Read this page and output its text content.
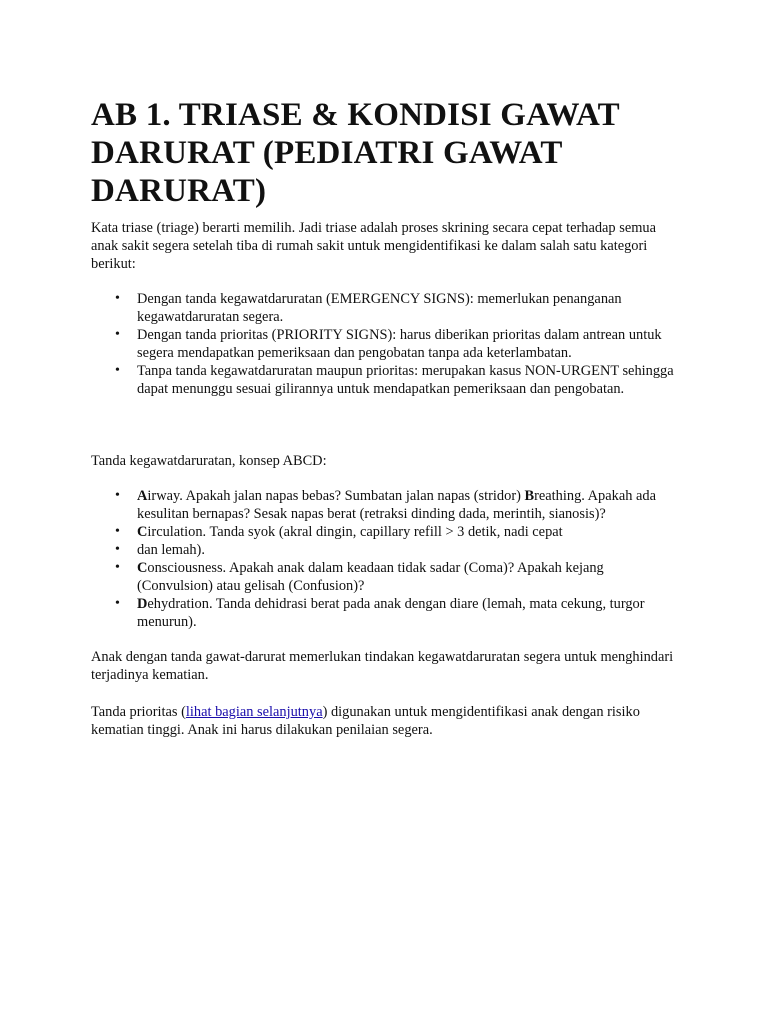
AB 1. TRIASE & KONDISI GAWAT DARURAT (PEDIATRI GAWAT DARURAT)

Kata triase (triage) berarti memilih. Jadi triase adalah proses skrining secara cepat terhadap semua anak sakit segera setelah tiba di rumah sakit untuk mengidentifikasi ke dalam salah satu kategori berikut:

• Dengan tanda kegawatdaruratan (EMERGENCY SIGNS): memerlukan penanganan kegawatdaruratan segera.
• Dengan tanda prioritas (PRIORITY SIGNS): harus diberikan prioritas dalam antrean untuk segera mendapatkan pemeriksaan dan pengobatan tanpa ada keterlambatan.
• Tanpa tanda kegawatdaruratan maupun prioritas: merupakan kasus NON-URGENT sehingga dapat menunggu sesuai gilirannya untuk mendapatkan pemeriksaan dan pengobatan.

Tanda kegawatdaruratan, konsep ABCD:

• Airway. Apakah jalan napas bebas? Sumbatan jalan napas (stridor) Breathing. Apakah ada kesulitan bernapas? Sesak napas berat (retraksi dinding dada, merintih, sianosis)?
• Circulation. Tanda syok (akral dingin, capillary refill > 3 detik, nadi cepat
• dan lemah).
• Consciousness. Apakah anak dalam keadaan tidak sadar (Coma)? Apakah kejang (Convulsion) atau gelisah (Confusion)?
• Dehydration. Tanda dehidrasi berat pada anak dengan diare (lemah, mata cekung, turgor menurun).

Anak dengan tanda gawat-darurat memerlukan tindakan kegawatdaruratan segera untuk menghindari terjadinya kematian.

Tanda prioritas (lihat bagian selanjutnya) digunakan untuk mengidentifikasi anak dengan risiko kematian tinggi. Anak ini harus dilakukan penilaian segera.
